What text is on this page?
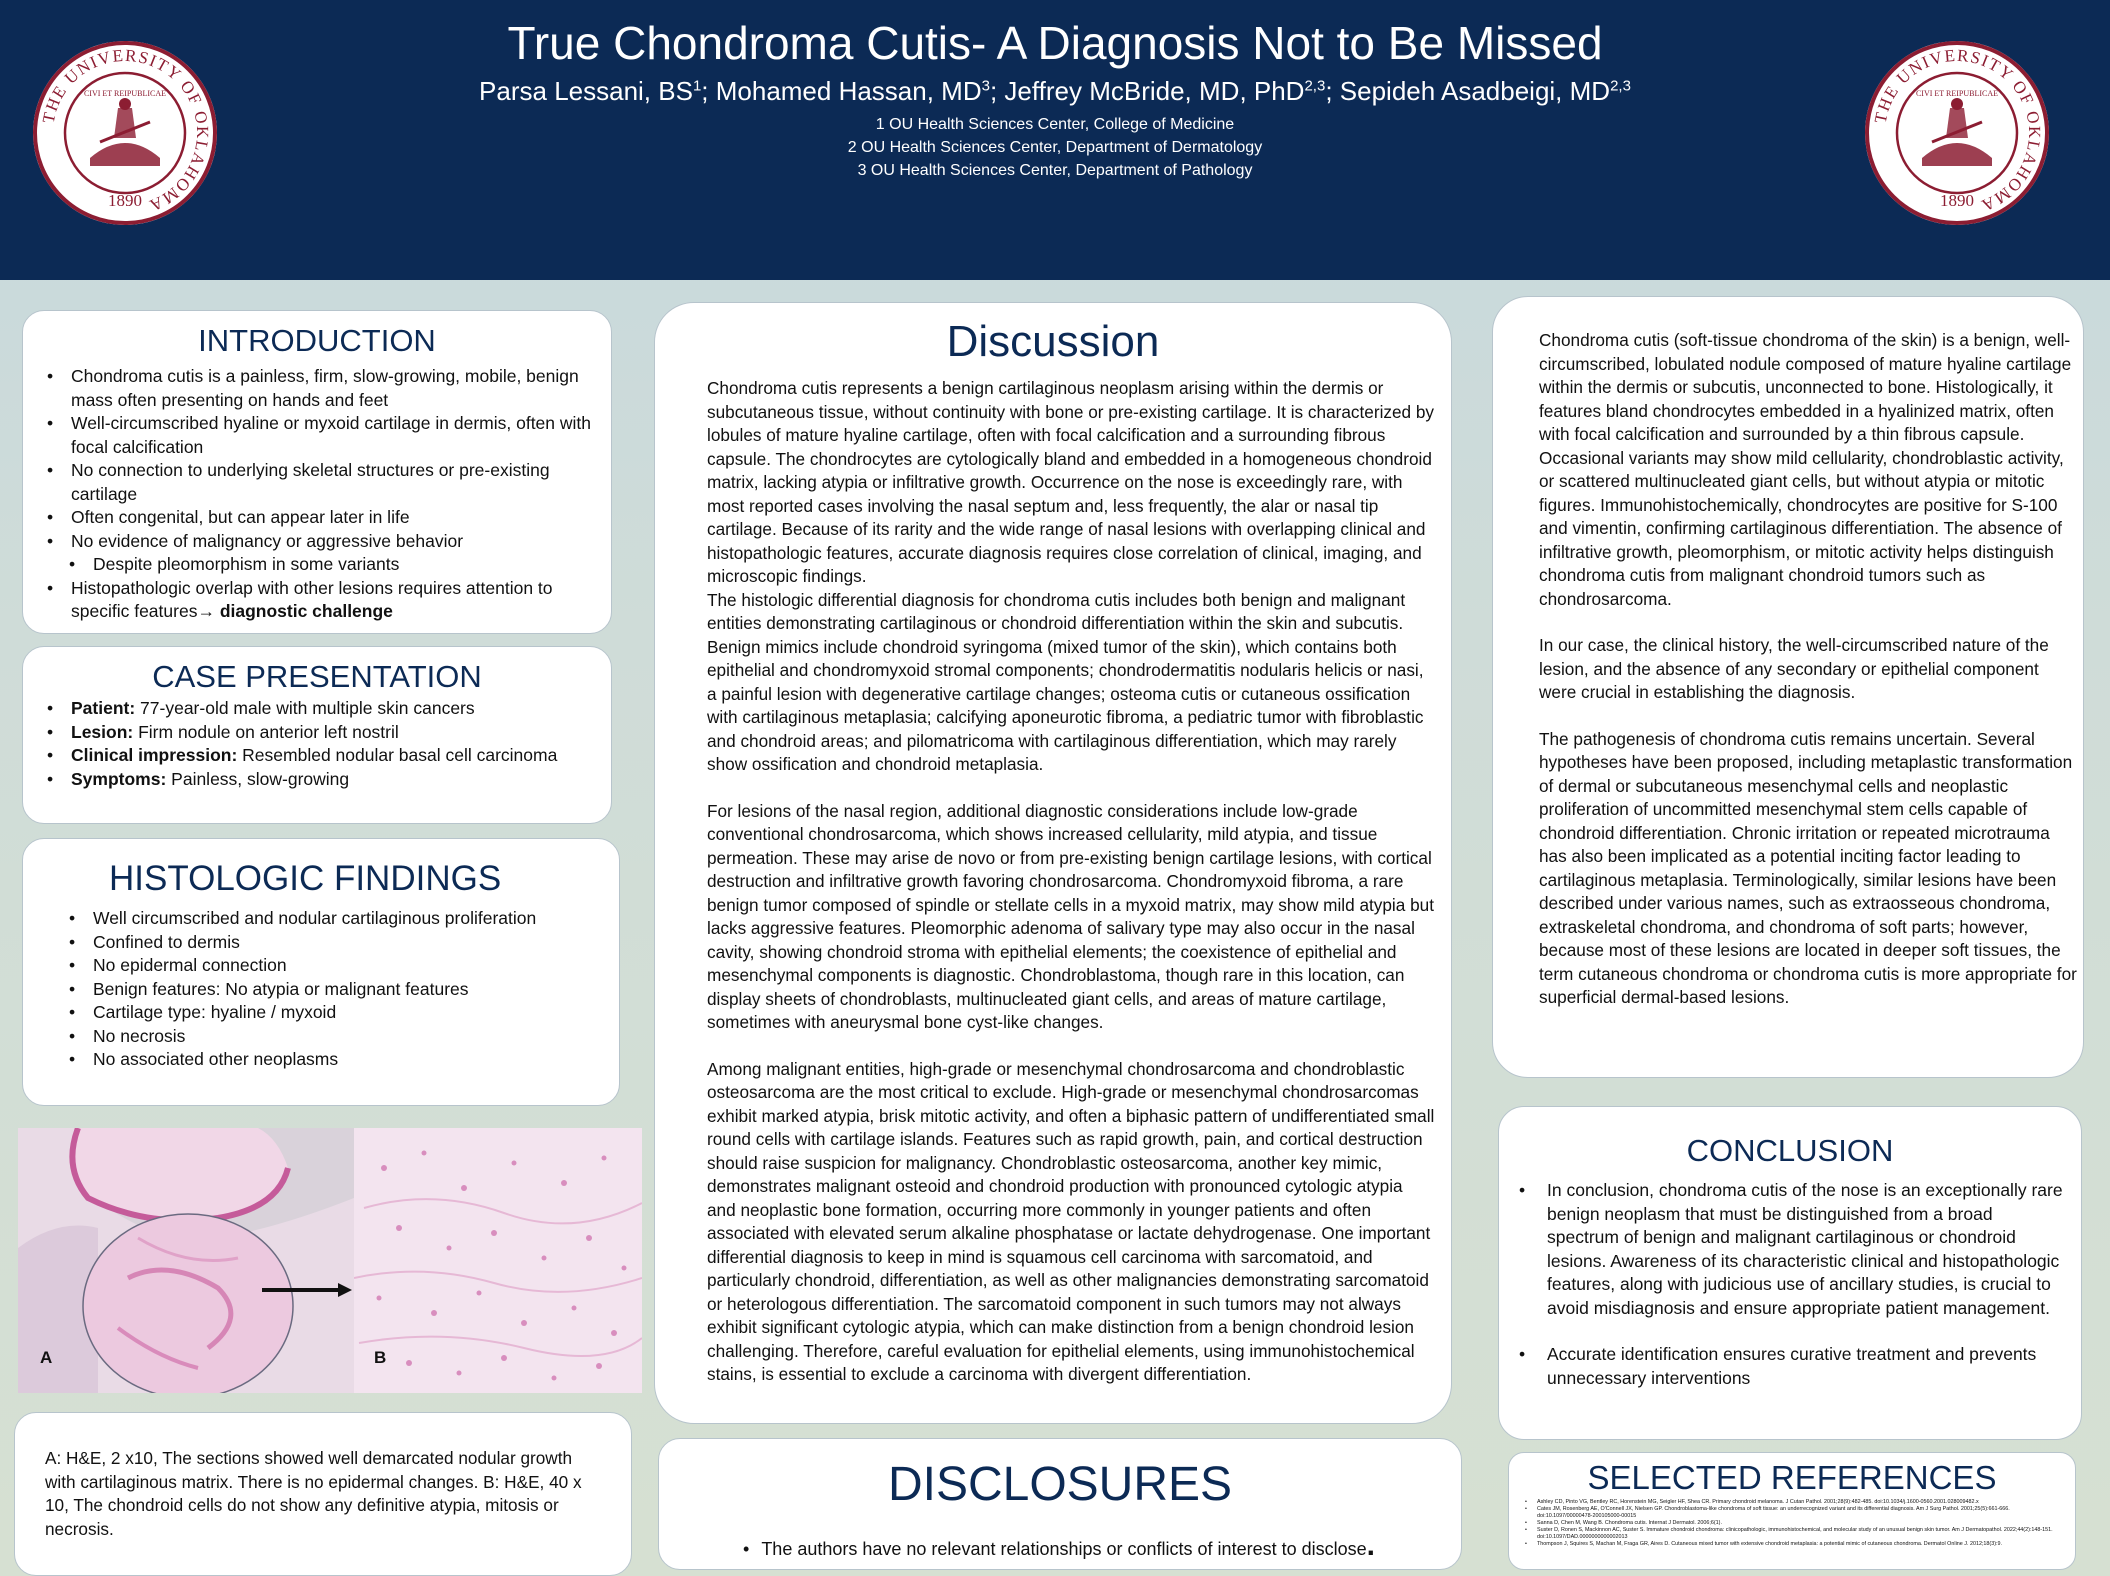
THE UNIVERSITY OF OKLAHOMA
CIVI ET REIPUBLICAE
1890
True Chondroma Cutis- A Diagnosis Not to Be Missed
Parsa Lessani, $BS^1$; Mohamed Hassan, $MD^3$; Jeffrey McBride, MD, PhD$^{2,3}$; Sepideh Asadbeigi, MD$^{2,3}$
1 OU Health Sciences Center, College of Medicine
2 OU Health Sciences Center, Department of Dermatology
3 OU Health Sciences Center, Department of Pathology
THE UNIVERSITY OF OKLAHOMA
CIVI ET REIPUBLICAE
1890
INTRODUCTION
• Chondroma cutis is a painless, firm, slow-growing, mobile, benign mass often presenting on hands and feet
• Well-circumscribed hyaline or myxoid cartilage in dermis, often with focal calcification
• No connection to underlying skeletal structures or pre-existing cartilage
• Often congenital, but can appear later in life
• No evidence of malignancy or aggressive behavior
• Despite pleomorphism in some variants
• Histopathologic overlap with other lesions requires attention to specific features→ diagnostic challenge
CASE PRESENTATION
• Patient: 77-year-old male with multiple skin cancers
• Lesion: Firm nodule on anterior left nostril
• Clinical impression: Resembled nodular basal cell carcinoma
• Symptoms: Painless, slow-growing
HISTOLOGIC FINDINGS
• Well circumscribed and nodular cartilaginous proliferation
• Confined to dermis
• No epidermal connection
• Benign features: No atypia or malignant features
• Cartilage type: hyaline / myxoid
• No necrosis
• No associated other neoplasms
A	B
A: H&E, 2 x10, The sections showed well demarcated nodular growth with cartilaginous matrix. There is no epidermal changes. B: H&E, 40 x 10, The chondroid cells do not show any definitive atypia, mitosis or necrosis.
Discussion

Chondroma cutis represents a benign cartilaginous neoplasm arising within the dermis or subcutaneous tissue, without continuity with bone or pre-existing cartilage. It is characterized by lobules of mature hyaline cartilage, often with focal calcification and a surrounding fibrous capsule. The chondrocytes are cytologically bland and embedded in a homogeneous chondroid matrix, lacking atypia or infiltrative growth. Occurrence on the nose is exceedingly rare, with most reported cases involving the nasal septum and, less frequently, the alar or nasal tip cartilage. Because of its rarity and the wide range of nasal lesions with overlapping clinical and histopathologic features, accurate diagnosis requires close correlation of clinical, imaging, and microscopic findings.

The histologic differential diagnosis for chondroma cutis includes both benign and malignant entities demonstrating cartilaginous or chondroid differentiation within the skin and subcutis. Benign mimics include chondroid syringoma (mixed tumor of the skin), which contains both epithelial and chondromyxoid stromal components; chondrodermatitis nodularis helicis or nasi, a painful lesion with degenerative cartilage changes; osteoma cutis or cutaneous ossification with cartilaginous metaplasia; calcifying aponeurotic fibroma, a pediatric tumor with fibroblastic and chondroid areas; and pilomatricoma with cartilaginous differentiation, which may rarely show ossification and chondroid metaplasia.

For lesions of the nasal region, additional diagnostic considerations include low-grade conventional chondrosarcoma, which shows increased cellularity, mild atypia, and tissue permeation. These may arise de novo or from pre-existing benign cartilage lesions, with cortical destruction and infiltrative growth favoring chondrosarcoma. Chondromyxoid fibroma, a rare benign tumor composed of spindle or stellate cells in a myxoid matrix, may show mild atypia but lacks aggressive features. Pleomorphic adenoma of salivary type may also occur in the nasal cavity, showing chondroid stroma with epithelial elements; the coexistence of epithelial and mesenchymal components is diagnostic. Chondroblastoma, though rare in this location, can display sheets of chondroblasts, multinucleated giant cells, and areas of mature cartilage, sometimes with aneurysmal bone cyst-like changes.

Among malignant entities, high-grade or mesenchymal chondrosarcoma and chondroblastic osteosarcoma are the most critical to exclude. High-grade or mesenchymal chondrosarcomas exhibit marked atypia, brisk mitotic activity, and often a biphasic pattern of undifferentiated small round cells with cartilage islands. Features such as rapid growth, pain, and cortical destruction should raise suspicion for malignancy. Chondroblastic osteosarcoma, another key mimic, demonstrates malignant osteoid and chondroid production with pronounced cytologic atypia and neoplastic bone formation, occurring more commonly in younger patients and often associated with elevated serum alkaline phosphatase or lactate dehydrogenase. One important differential diagnosis to keep in mind is squamous cell carcinoma with sarcomatoid, and particularly chondroid, differentiation, as well as other malignancies demonstrating sarcomatoid or heterologous differentiation. The sarcomatoid component in such tumors may not always exhibit significant cytologic atypia, which can make distinction from a benign chondroid lesion challenging. Therefore, careful evaluation for epithelial elements, using immunohistochemical stains, is essential to exclude a carcinoma with divergent differentiation.

Chondroma cutis (soft-tissue chondroma of the skin) is a benign, well-circumscribed, lobulated nodule composed of mature hyaline cartilage within the dermis or subcutis, unconnected to bone. Histologically, it features bland chondrocytes embedded in a hyalinized matrix, often with focal calcification and surrounded by a thin fibrous capsule. Occasional variants may show mild cellularity, chondroblastic activity, or scattered multinucleated giant cells, but without atypia or mitotic figures. Immunohistochemically, chondrocytes are positive for S-100 and vimentin, confirming cartilaginous differentiation. The absence of infiltrative growth, pleomorphism, or mitotic activity helps distinguish chondroma cutis from malignant chondroid tumors such as chondrosarcoma.

In our case, the clinical history, the well-circumscribed nature of the lesion, and the absence of any secondary or epithelial component were crucial in establishing the diagnosis.

The pathogenesis of chondroma cutis remains uncertain. Several hypotheses have been proposed, including metaplastic transformation of dermal or subcutaneous mesenchymal cells and neoplastic proliferation of uncommitted mesenchymal stem cells capable of chondroid differentiation. Chronic irritation or repeated microtrauma has also been implicated as a potential inciting factor leading to cartilaginous metaplasia. Terminologically, similar lesions have been described under various names, such as extraosseous chondroma, extraskeletal chondroma, and chondroma of soft parts; however, because most of these lesions are located in deeper soft tissues, the term cutaneous chondroma or chondroma cutis is more appropriate for superficial dermal-based lesions.

CONCLUSION
• In conclusion, chondroma cutis of the nose is an exceptionally rare benign neoplasm that must be distinguished from a broad spectrum of benign and malignant cartilaginous or chondroid lesions. Awareness of its characteristic clinical and histopathologic features, along with judicious use of ancillary studies, is crucial to avoid misdiagnosis and ensure appropriate patient management.
• Accurate identification ensures curative treatment and prevents unnecessary interventions
DISCLOSURES
• The authors have no relevant relationships or conflicts of interest to disclose.
SELECTED REFERENCES
• Ashley CD, Pinto VG, Bentley RC, Horenstein MG, Seigler HF, Shea CR. Primary chondroid melanoma. J Cutan Pathol. 2001;28(9):482-485. doi:10.1034/j.1600-0560.2001.028009482.x
• Cates JM, Rosenberg AE, O'Connell JX, Nielsen GP. Chondroblastoma-like chondroma of soft tissue: an underrecognized variant and its differential diagnosis. Am J Surg Pathol. 2001;25(5):661-666. doi:10.1097/00000478-200105000-00015
• Sanna D, Chen M, Wang B. Chondroma cutis. Internat J Dermatol. 2006;6(1).
• Suster D, Ronen S, Mackinnon AC, Suster S. Immature chondroid chondroma: clinicopathologic, immunohistochemical, and molecular study of an unusual benign skin tumor. Am J Dermatopathol. 2022;44(2):148-151. doi:10.1097/DAD.0000000000002013
• Thompson J, Squires S, Machan M, Fraga GR, Aires D. Cutaneous mixed tumor with extensive chondroid metaplasia: a potential mimic of cutaneous chondroma. Dermatol Online J. 2012;18(3):9.
